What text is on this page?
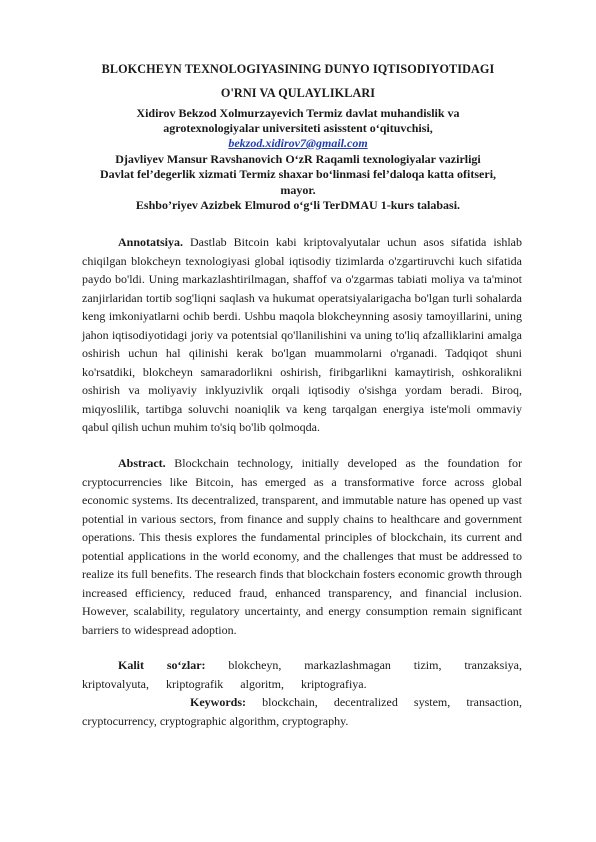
BLOKCHEYN TEXNOLOGIYASINING DUNYO IQTISODIYOTIDAGI
O'RNI VA QULAYLIKLARI
Xidirov Bekzod Xolmurzayevich Termiz davlat muhandislik va
agrotexnologiyalar universiteti asisstent o‘qituvchisi,
bekzod.xidirov7@gmail.com
Djavliyev Mansur Ravshanovich O‘zR Raqamli texnologiyalar vazirligi
Davlat fel’degerlik xizmati Termiz shaxar bo‘linmasi fel’daloqa katta ofitseri,
mayor.
Eshbo’riyev Azizbek Elmurod o‘g‘li TerDMAU 1-kurs talabasi.
Annotatsiya. Dastlab Bitcoin kabi kriptovalyutalar uchun asos sifatida ishlab chiqilgan blokcheyn texnologiyasi global iqtisodiy tizimlarda o'zgartiruvchi kuch sifatida paydo bo'ldi. Uning markazlashtirilmagan, shaffof va o'zgarmas tabiati moliya va ta'minot zanjirlaridan tortib sog'liqni saqlash va hukumat operatsiyalarigacha bo'lgan turli sohalarda keng imkoniyatlarni ochib berdi. Ushbu maqola blokcheynning asosiy tamoyillarini, uning jahon iqtisodiyotidagi joriy va potentsial qo'llanilishini va uning to'liq afzalliklarini amalga oshirish uchun hal qilinishi kerak bo'lgan muammolarni o'rganadi. Tadqiqot shuni ko'rsatdiki, blokcheyn samaradorlikni oshirish, firibgarlikni kamaytirish, oshkoralikni oshirish va moliyaviy inklyuzivlik orqali iqtisodiy o'sishga yordam beradi. Biroq, miqyoslilik, tartibga soluvchi noaniqlik va keng tarqalgan energiya iste'moli ommaviy qabul qilish uchun muhim to'siq bo'lib qolmoqda.
Abstract. Blockchain technology, initially developed as the foundation for cryptocurrencies like Bitcoin, has emerged as a transformative force across global economic systems. Its decentralized, transparent, and immutable nature has opened up vast potential in various sectors, from finance and supply chains to healthcare and government operations. This thesis explores the fundamental principles of blockchain, its current and potential applications in the world economy, and the challenges that must be addressed to realize its full benefits. The research finds that blockchain fosters economic growth through increased efficiency, reduced fraud, enhanced transparency, and financial inclusion. However, scalability, regulatory uncertainty, and energy consumption remain significant barriers to widespread adoption.
Kalit so‘zlar: blokcheyn, markazlashmagan tizim, tranzaksiya, kriptovalyuta, kriptografik algoritm, kriptografiya.
Keywords: blockchain, decentralized system, transaction, cryptocurrency, cryptographic algorithm, cryptography.
